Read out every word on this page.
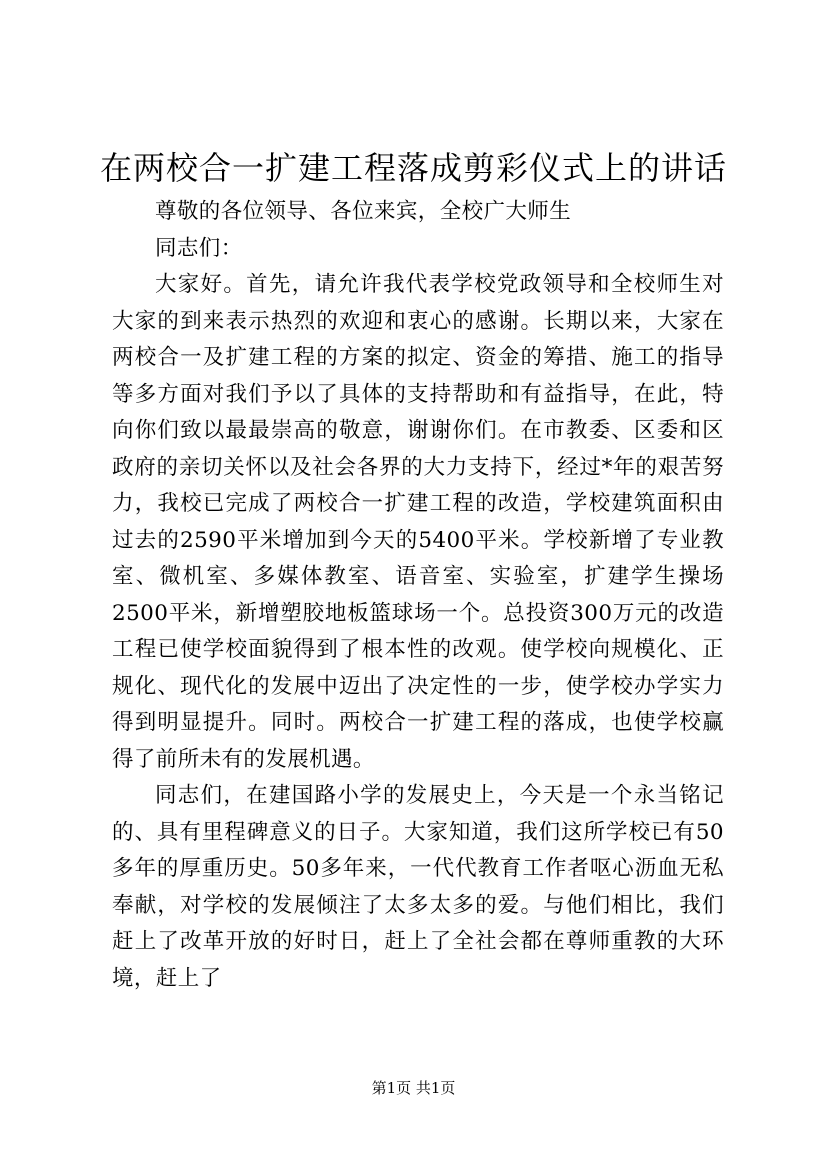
在两校合一扩建工程落成剪彩仪式上的讲话

尊敬的各位领导、各位来宾，全校广大师生

同志们：

大家好。首先，请允许我代表学校党政领导和全校师生对大家的到来表示热烈的欢迎和衷心的感谢。长期以来，大家在两校合一及扩建工程的方案的拟定、资金的筹措、施工的指导等多方面对我们予以了具体的支持帮助和有益指导，在此，特向你们致以最最崇高的敬意，谢谢你们。在市教委、区委和区政府的亲切关怀以及社会各界的大力支持下，经过*年的艰苦努力，我校已完成了两校合一扩建工程的改造，学校建筑面积由过去的2590平米增加到今天的5400平米。学校新增了专业教室、微机室、多媒体教室、语音室、实验室，扩建学生操场2500平米，新增塑胶地板篮球场一个。总投资300万元的改造工程已使学校面貌得到了根本性的改观。使学校向规模化、正规化、现代化的发展中迈出了决定性的一步，使学校办学实力得到明显提升。同时。两校合一扩建工程的落成，也使学校赢得了前所未有的发展机遇。

同志们，在建国路小学的发展史上，今天是一个永当铭记的、具有里程碑意义的日子。大家知道，我们这所学校已有50多年的厚重历史。50多年来，一代代教育工作者呕心沥血无私奉献，对学校的发展倾注了太多太多的爱。与他们相比，我们赶上了改革开放的好时日，赶上了全社会都在尊师重教的大环境，赶上了

第1页 共1页
